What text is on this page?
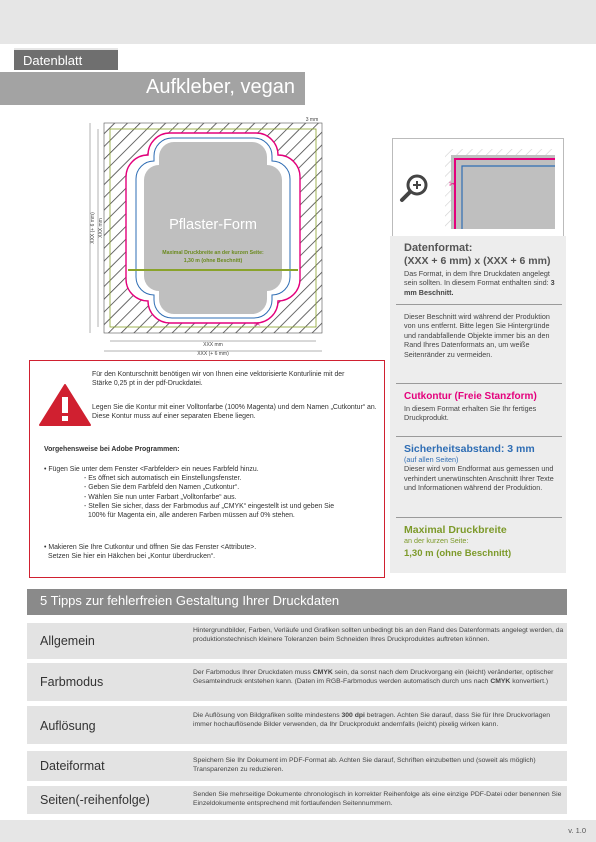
Datenblatt
Aufkleber, vegan
Pflaster-Form
Maximal Druckbreite an der kurzen Seite:
1,30 m (ohne Beschnitt)
✂
XXX mm
XXX (+ 6 mm)
XXX mm
XXX (+ 6 mm)
3 mm
✂
Datenformat:
(XXX + 6 mm) x (XXX + 6 mm)
Das Format, in dem Ihre Druckdaten angelegt sein sollten. In diesem Format enthalten sind: 3 mm Beschnitt.
Dieser Beschnitt wird während der Produktion von uns entfernt. Bitte legen Sie Hintergründe und randabfallende Objekte immer bis an den Rand Ihres Datenformats an, um weiße Seitenränder zu vermeiden.
Cutkontur (Freie Stanzform)
In diesem Format erhalten Sie Ihr fertiges Druckprodukt.
Sicherheitsabstand: 3 mm
(auf allen Seiten)
Dieser wird vom Endformat aus gemessen und verhindert unerwünschten Anschnitt Ihrer Texte und Informationen während der Produktion.
Maximal Druckbreite
an der kurzen Seite:
1,30 m (ohne Beschnitt)
Für den Konturschnitt benötigen wir von Ihnen eine vektorisierte Konturlinie mit der Stärke 0,25 pt in der pdf-Druckdatei.
Legen Sie die Kontur mit einer Volltonfarbe (100% Magenta) und dem Namen „Cutkontur“ an. Diese Kontur muss auf einer separaten Ebene liegen.
Vorgehensweise bei Adobe Programmen:
• Fügen Sie unter dem Fenster <Farbfelder> ein neues Farbfeld hinzu.
- Es öffnet sich automatisch ein Einstellungsfenster.
- Geben Sie dem Farbfeld den Namen „Cutkontur“.
- Wählen Sie nun unter Farbart „Volltonfarbe“ aus.
- Stellen Sie sicher, dass der Farbmodus auf „CMYK“ eingestellt ist und geben Sie
100% für Magenta ein, alle anderen Farben müssen auf 0% stehen.
• Makieren Sie Ihre Cutkontur und öffnen Sie das Fenster <Attribute>.
Setzen Sie hier ein Häkchen bei „Kontur überdrucken“.
5 Tipps zur fehlerfreien Gestaltung Ihrer Druckdaten
Allgemein
Hintergrundbilder, Farben, Verläufe und Grafiken sollten unbedingt bis an den Rand des Datenformats angelegt werden, da produktionstechnisch kleinere Toleranzen beim Schneiden Ihres Druckproduktes auftreten können.
Farbmodus
Der Farbmodus Ihrer Druckdaten muss CMYK sein, da sonst nach dem Druckvorgang ein (leicht) veränderter, optischer Gesamteindruck entstehen kann. (Daten im RGB-Farbmodus werden automatisch durch uns nach CMYK konvertiert.)
Auflösung
Die Auflösung von Bildgrafiken sollte mindestens 300 dpi betragen. Achten Sie darauf, dass Sie für Ihre Druckvorlagen immer hochauflösende Bilder verwenden, da Ihr Druckprodukt andernfalls (leicht) pixelig wirken kann.
Dateiformat	Speichern Sie Ihr Dokument im PDF-Format ab. Achten Sie darauf, Schriften einzubetten und (soweit als möglich) Transparenzen zu reduzieren.
Seiten(-reihenfolge)	Senden Sie mehrseitige Dokumente chronologisch in korrekter Reihenfolge als eine einzige PDF-Datei oder benennen Sie Einzeldokumente entsprechend mit fortlaufenden Seitennummern.
v. 1.0
